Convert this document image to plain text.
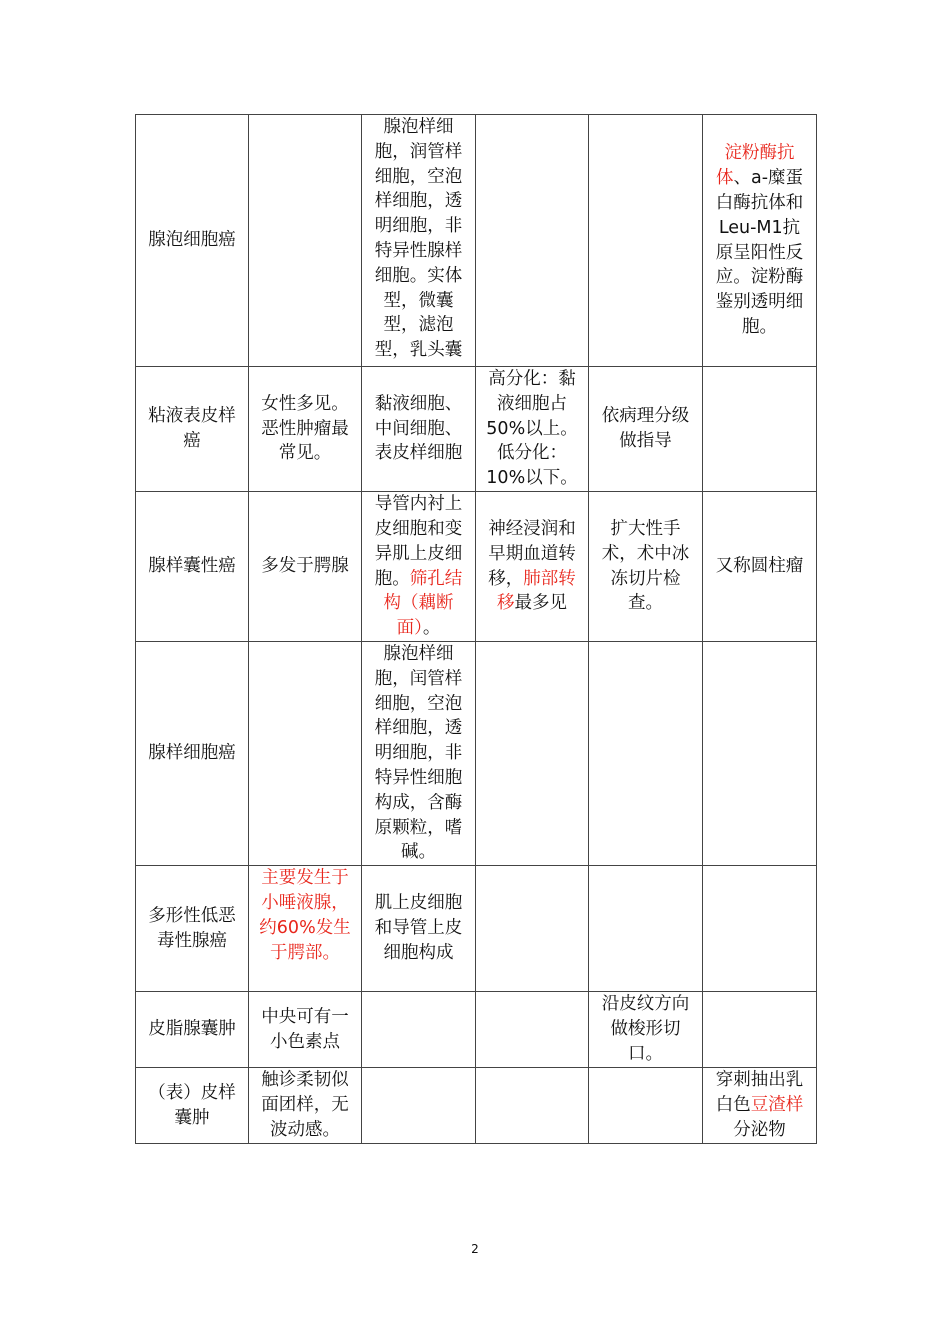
腺泡细胞癌		腺泡样细胞，润管样细胞，空泡样细胞，透明细胞，非特异性腺样细胞。实体型，微囊型，滤泡型，乳头囊			淀粉酶抗体、a-糜蛋白酶抗体和Leu-M1抗原呈阳性反应。淀粉酶鉴别透明细胞。
粘液表皮样癌	女性多见。恶性肿瘤最常见。	黏液细胞、中间细胞、表皮样细胞	高分化：黏液细胞占50%以上。低分化：10%以下。	依病理分级做指导	
腺样囊性癌	多发于腭腺	导管内衬上皮细胞和变异肌上皮细胞。筛孔结构（藕断面）。	神经浸润和早期血道转移，肺部转移最多见	扩大性手术，术中冰冻切片检查。	又称圆柱瘤
腺样细胞癌		腺泡样细胞，闰管样细胞，空泡样细胞，透明细胞，非特异性细胞构成，含酶原颗粒，嗜碱。			
多形性低恶毒性腺癌	主要发生于小唾液腺，约60%发生于腭部。	肌上皮细胞和导管上皮细胞构成			
皮脂腺囊肿	中央可有一小色素点			沿皮纹方向做梭形切口。	
（表）皮样囊肿	触诊柔韧似面团样，无波动感。				穿刺抽出乳白色豆渣样分泌物
2
